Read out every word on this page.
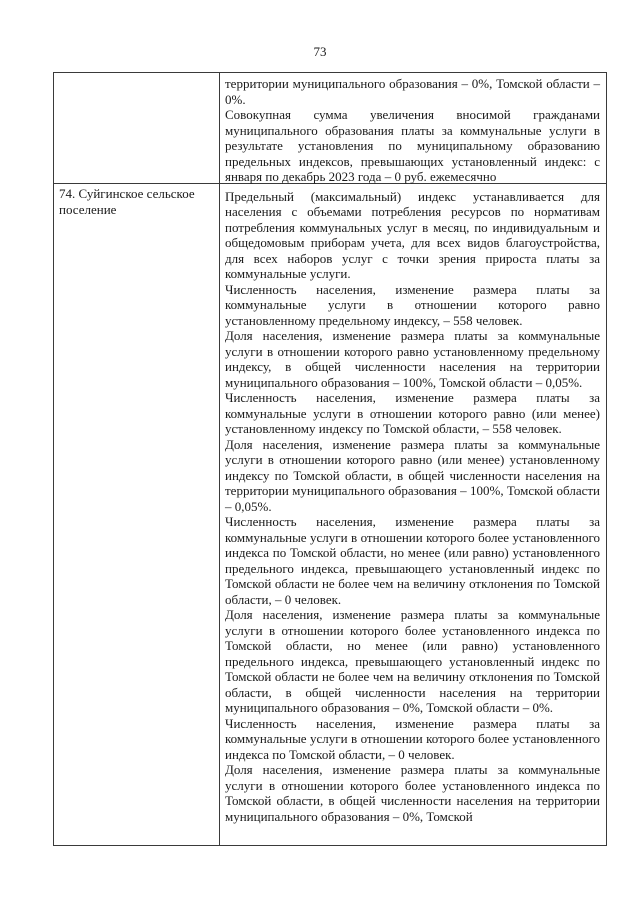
73
74. Суйгинское сельское поселение

территории муниципального образования – 0%, Томской области – 0%.

Совокупная сумма увеличения вносимой гражданами муниципального образования платы за коммунальные услуги в результате установления по муниципальному образованию предельных индексов, превышающих установленный индекс: с января по декабрь 2023 года – 0 руб. ежемесячно

Предельный (максимальный) индекс устанавливается для населения с объемами потребления ресурсов по нормативам потребления коммунальных услуг в месяц, по индивидуальным и общедомовым приборам учета, для всех видов благоустройства, для всех наборов услуг с точки зрения прироста платы за коммунальные услуги.

Численность населения, изменение размера платы за коммунальные услуги в отношении которого равно установленному предельному индексу, – 558 человек.

Доля населения, изменение размера платы за коммунальные услуги в отношении которого равно установленному предельному индексу, в общей численности населения на территории муниципального образования – 100%, Томской области – 0,05%.

Численность населения, изменение размера платы за коммунальные услуги в отношении которого равно (или менее) установленному индексу по Томской области, – 558 человек.

Доля населения, изменение размера платы за коммунальные услуги в отношении которого равно (или менее) установленному индексу по Томской области, в общей численности населения на территории муниципального образования – 100%, Томской области – 0,05%.

Численность населения, изменение размера платы за коммунальные услуги в отношении которого более установленного индекса по Томской области, но менее (или равно) установленного предельного индекса, превышающего установленный индекс по Томской области не более чем на величину отклонения по Томской области, – 0 человек.

Доля населения, изменение размера платы за коммунальные услуги в отношении которого более установленного индекса по Томской области, но менее (или равно) установленного предельного индекса, превышающего установленный индекс по Томской области не более чем на величину отклонения по Томской области, в общей численности населения на территории муниципального образования – 0%, Томской области – 0%.

Численность населения, изменение размера платы за коммунальные услуги в отношении которого более установленного индекса по Томской области, – 0 человек.

Доля населения, изменение размера платы за коммунальные услуги в отношении которого более установленного индекса по Томской области, в общей численности населения на территории муниципального образования – 0%, Томской
